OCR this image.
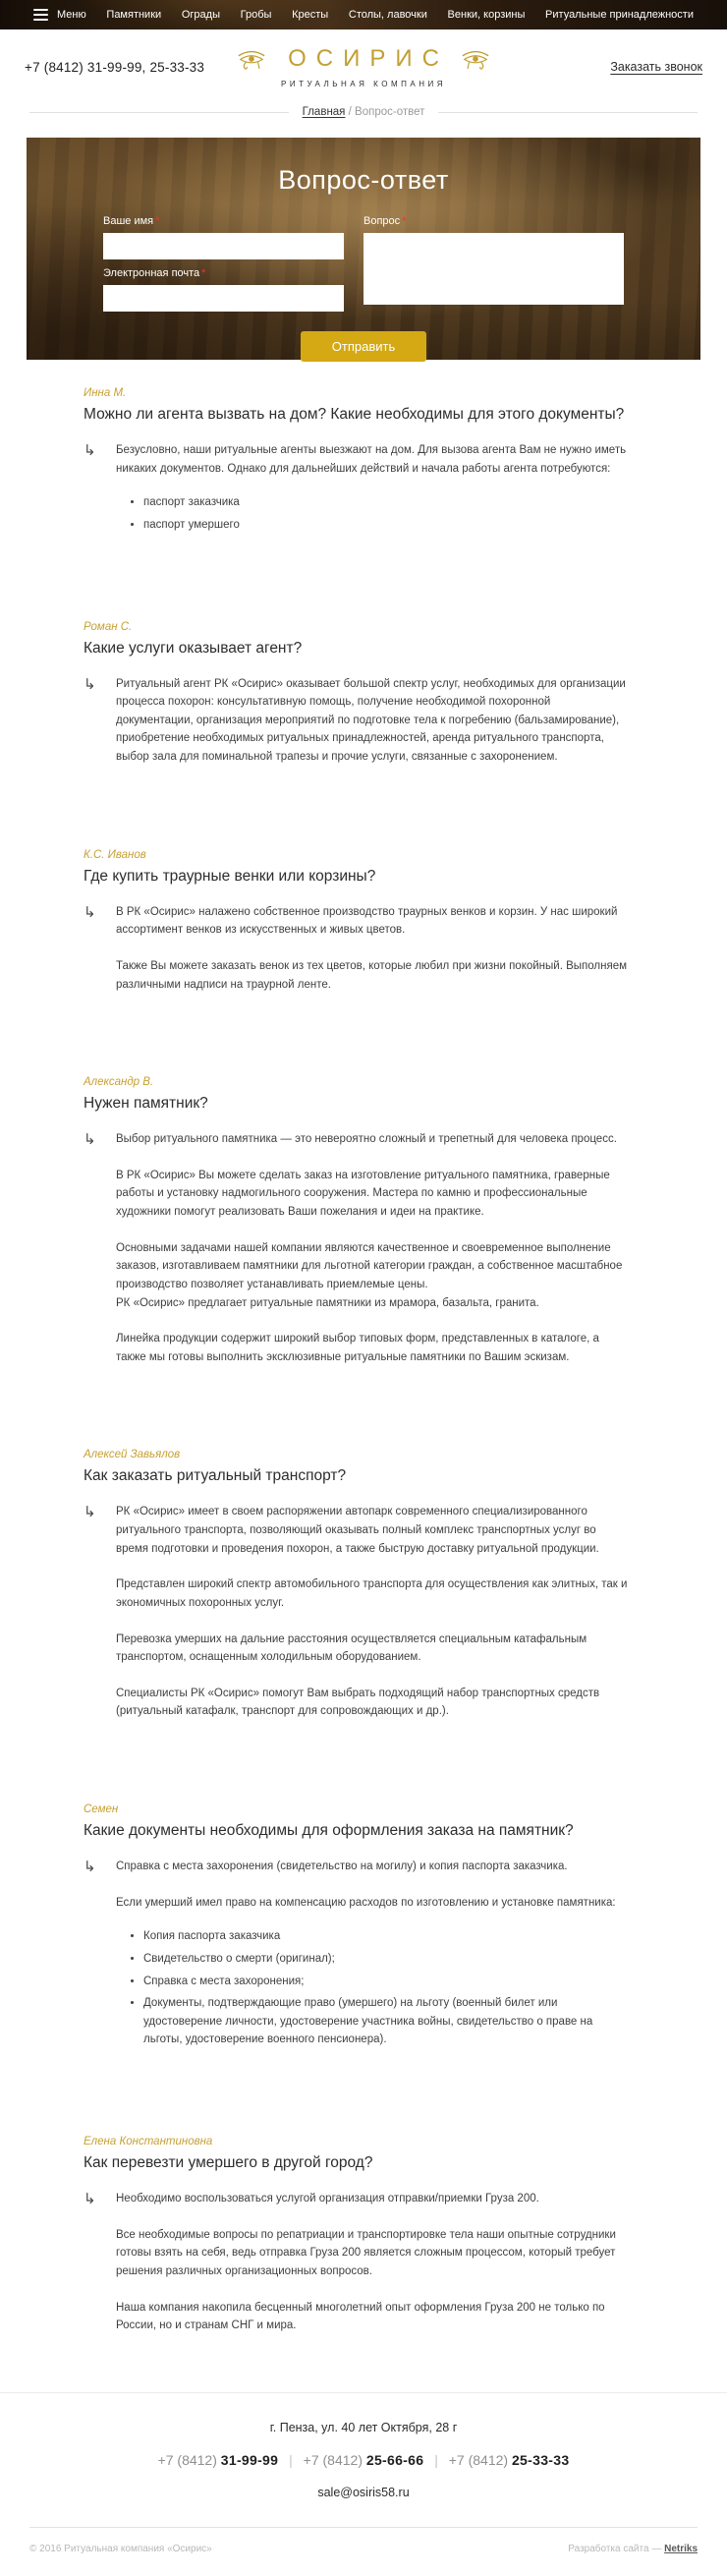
Меню Памятники Ограды Гробы Кресты Столы, лавочки Венки, корзины Ритуальные принадлежности
+7 (8412) 31-99-99, 25-33-33	ОСИРИС
РИТУАЛЬНАЯ КОМПАНИЯ
Заказать звонок
Главная / Вопрос-ответ
Вопрос-ответ
Ваше имя *
Электронная почта *
Вопрос *
Отправить
Инна М.
Можно ли агента вызвать на дом? Какие необходимы для этого документы?
↳	Безусловно, наши ритуальные агенты выезжают на дом. Для вызова агента Вам не нужно иметь никаких документов. Однако для дальнейших действий и начала работы агента потребуются:

• паспорт заказчика
• паспорт умершего
Роман С.
Какие услуги оказывает агент?
↳	Ритуальный агент РК «Осирис» оказывает большой спектр услуг, необходимых для организации процесса похорон: консультативную помощь, получение необходимой похоронной документации, организация мероприятий по подготовке тела к погребению (бальзамирование), приобретение необходимых ритуальных принадлежностей, аренда ритуального транспорта, выбор зала для поминальной трапезы и прочие услуги, связанные с захоронением.

К.С. Иванов
Где купить траурные венки или корзины?
↳	В РК «Осирис» налажено собственное производство траурных венков и корзин. У нас широкий ассортимент венков из искусственных и живых цветов.

Также Вы можете заказать венок из тех цветов, которые любил при жизни покойный. Выполняем различными надписи на траурной ленте.

Александр В.
Нужен памятник?
↳	Выбор ритуального памятника — это невероятно сложный и трепетный для человека процесс.

В РК «Осирис» Вы можете сделать заказ на изготовление ритуального памятника, граверные работы и установку надмогильного сооружения. Мастера по камню и профессиональные художники помогут реализовать Ваши пожелания и идеи на практике.

Основными задачами нашей компании являются качественное и своевременное выполнение заказов, изготавливаем памятники для льготной категории граждан, а собственное масштабное производство позволяет устанавливать приемлемые цены.

РК «Осирис» предлагает ритуальные памятники из мрамора, базальта, гранита.

Линейка продукции содержит широкий выбор типовых форм, представленных в каталоге, а также мы готовы выполнить эксклюзивные ритуальные памятники по Вашим эскизам.

Алексей Завьялов
Как заказать ритуальный транспорт?
↳	РК «Осирис» имеет в своем распоряжении автопарк современного специализированного ритуального транспорта, позволяющий оказывать полный комплекс транспортных услуг во время подготовки и проведения похорон, а также быструю доставку ритуальной продукции.

Представлен широкий спектр автомобильного транспорта для осуществления как элитных, так и экономичных похоронных услуг.

Перевозка умерших на дальние расстояния осуществляется специальным катафальным транспортом, оснащенным холодильным оборудованием.

Специалисты РК «Осирис» помогут Вам выбрать подходящий набор транспортных средств (ритуальный катафалк, транспорт для сопровождающих и др.).

Семен
Какие документы необходимы для оформления заказа на памятник?
↳	Справка с места захоронения (свидетельство на могилу) и копия паспорта заказчика.

Если умерший имел право на компенсацию расходов по изготовлению и установке памятника:

• Копия паспорта заказчика
• Свидетельство о смерти (оригинал);
• Справка с места захоронения;
• Документы, подтверждающие право (умершего) на льготу (военный билет или удостоверение личности, удостоверение участника войны, свидетельство о праве на льготы, удостоверение военного пенсионера).
Елена Константиновна
Как перевезти умершего в другой город?
↳	Необходимо воспользоваться услугой организация отправки/приемки Груза 200.

Все необходимые вопросы по репатриации и транспортировке тела наши опытные сотрудники готовы взять на себя, ведь отправка Груза 200 является сложным процессом, который требует решения различных организационных вопросов.

Наша компания накопила бесценный многолетний опыт оформления Груза 200 не только по России, но и странам СНГ и мира.

г. Пенза, ул. 40 лет Октября, 28 г
+7 (8412) 31-99-99 | +7 (8412) 25-66-66 | +7 (8412) 25-33-33
sale@osiris58.ru
© 2016 Ритуальная компания «Осирис»	Разработка сайта — Netriks
